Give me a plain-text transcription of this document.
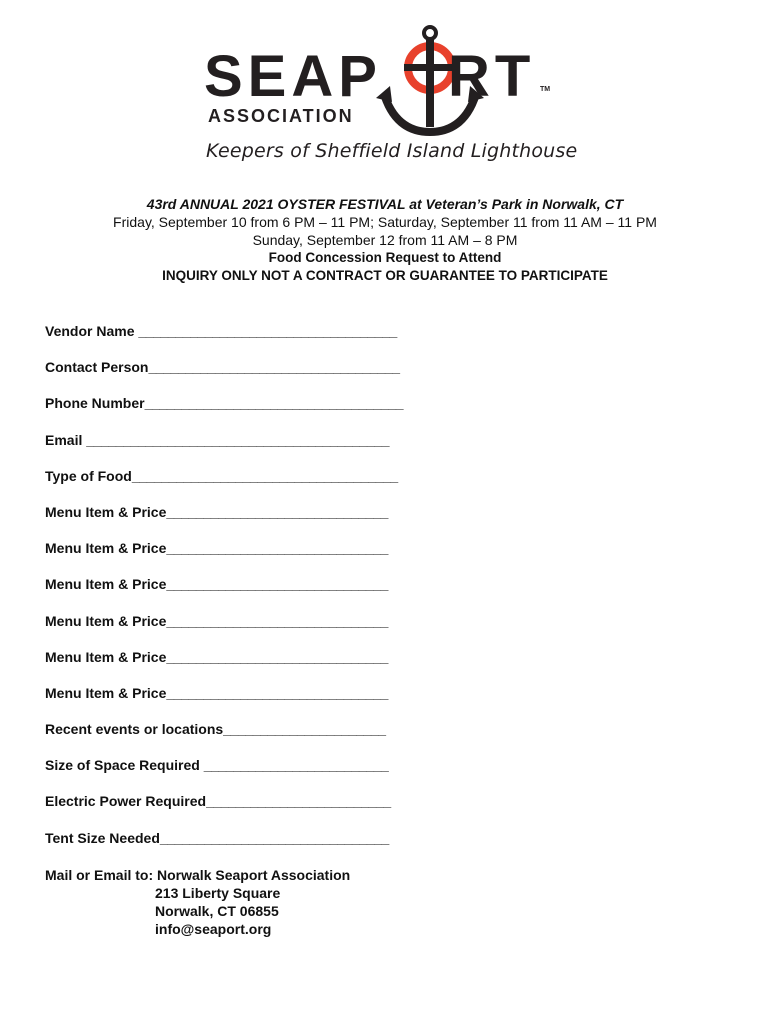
SEAP RT TM
ASSOCIATION
Keepers of Sheffield Island Lighthouse
43rd ANNUAL 2021 OYSTER FESTIVAL at Veteran’s Park in Norwalk, CT
Friday, September 10 from 6 PM – 11 PM; Saturday, September 11 from 11 AM – 11 PM
Sunday, September 12 from 11 AM – 8 PM
Food Concession Request to Attend
INQUIRY ONLY NOT A CONTRACT OR GUARANTEE TO PARTICIPATE
Vendor Name ___________________________________
Contact Person__________________________________
Phone Number___________________________________
Email _________________________________________
Type of Food____________________________________
Menu Item & Price______________________________
Menu Item & Price______________________________
Menu Item & Price______________________________
Menu Item & Price______________________________
Menu Item & Price______________________________
Menu Item & Price______________________________
Recent events or locations______________________
Size of Space Required _________________________
Electric Power Required_________________________
Tent Size Needed_______________________________
Mail or Email to: Norwalk Seaport Association
213 Liberty Square
Norwalk, CT 06855
info@seaport.org
